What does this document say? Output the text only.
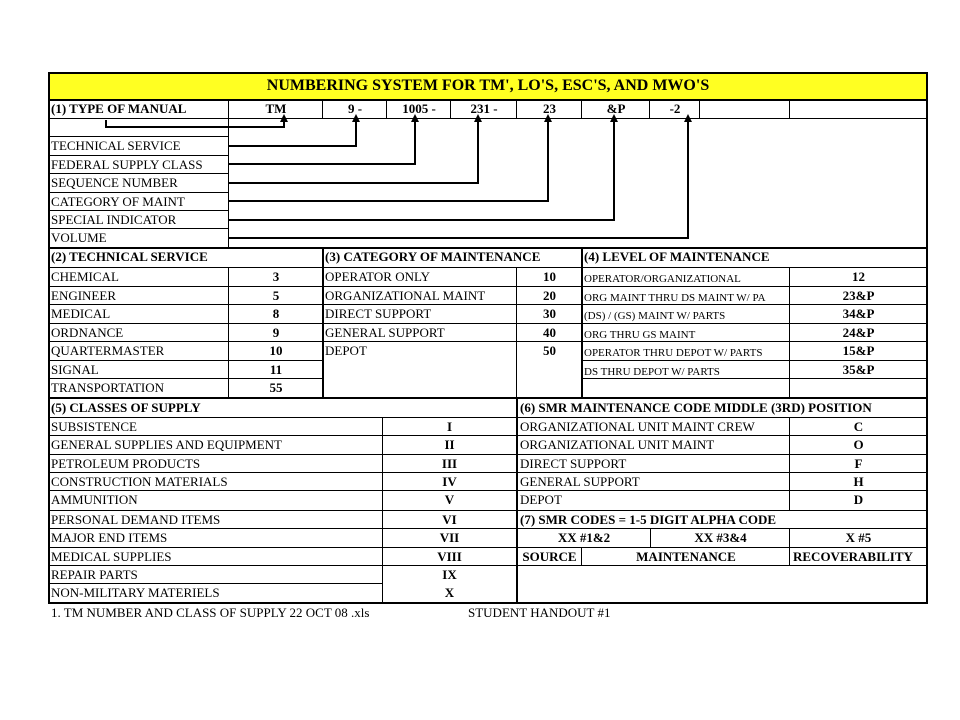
NUMBERING SYSTEM FOR TM', LO'S, ESC'S, AND MWO'S
(1) TYPE OF MANUAL	TM	9 -	1005 -	231 -	23	&P	-2
TECHNICAL SERVICE
FEDERAL SUPPLY CLASS
SEQUENCE NUMBER
CATEGORY OF MAINT
SPECIAL INDICATOR
VOLUME
(2) TECHNICAL SERVICE	(3) CATEGORY OF MAINTENANCE	(4) LEVEL OF MAINTENANCE
CHEMICAL	3
ENGINEER	5
MEDICAL	8
ORDNANCE	9
QUARTERMASTER	10
SIGNAL	11
TRANSPORTATION	55
OPERATOR ONLY	10
ORGANIZATIONAL MAINT	20
DIRECT SUPPORT	30
GENERAL SUPPORT	40
DEPOT	50
OPERATOR/ORGANIZATIONAL	12
ORG MAINT THRU DS MAINT W/ PA	23&P
(DS) / (GS) MAINT W/ PARTS	34&P
ORG THRU GS MAINT	24&P
OPERATOR THRU DEPOT W/ PARTS	15&P
DS THRU DEPOT W/ PARTS	35&P
(5) CLASSES OF SUPPLY	(6) SMR MAINTENANCE CODE MIDDLE (3RD) POSITION
SUBSISTENCE	I
GENERAL SUPPLIES AND EQUIPMENT	II
PETROLEUM PRODUCTS	III
CONSTRUCTION MATERIALS	IV
AMMUNITION	V
PERSONAL DEMAND ITEMS	VI
MAJOR END ITEMS	VII
MEDICAL SUPPLIES	VIII
REPAIR PARTS	IX
NON-MILITARY MATERIELS	X
ORGANIZATIONAL UNIT MAINT CREW	C
ORGANIZATIONAL UNIT MAINT	O
DIRECT SUPPORT	F
GENERAL SUPPORT	H
DEPOT	D
(7) SMR CODES = 1-5 DIGIT ALPHA CODE
XX #1&2	XX #3&4	X #5
SOURCE	MAINTENANCE	RECOVERABILITY
1. TM NUMBER AND CLASS OF SUPPLY 22 OCT 08 .xls	STUDENT HANDOUT #1
